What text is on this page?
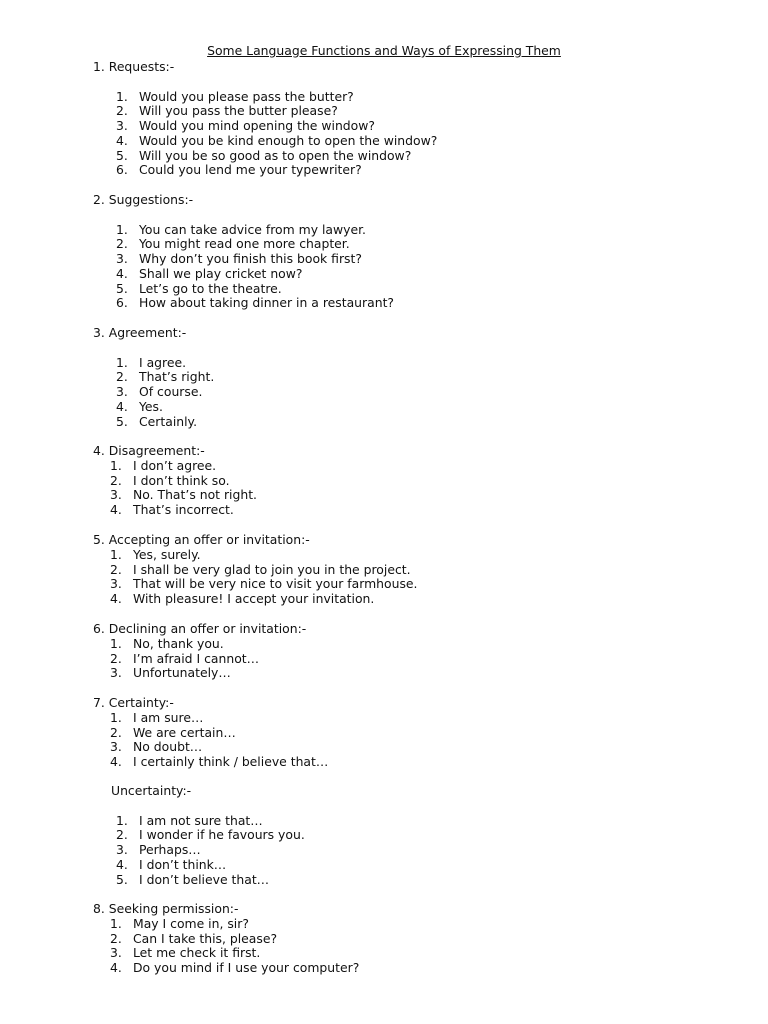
Some Language Functions and Ways of Expressing Them
1. Requests:-
1. Would you please pass the butter?
2. Will you pass the butter please?
3. Would you mind opening the window?
4. Would you be kind enough to open the window?
5. Will you be so good as to open the window?
6. Could you lend me your typewriter?
2. Suggestions:-
1. You can take advice from my lawyer.
2. You might read one more chapter.
3. Why don’t you finish this book first?
4. Shall we play cricket now?
5. Let’s go to the theatre.
6. How about taking dinner in a restaurant?
3. Agreement:-
1. I agree.
2. That’s right.
3. Of course.
4. Yes.
5. Certainly.
4. Disagreement:-
1. I don’t agree.
2. I don’t think so.
3. No. That’s not right.
4. That’s incorrect.
5. Accepting an offer or invitation:-
1. Yes, surely.
2. I shall be very glad to join you in the project.
3. That will be very nice to visit your farmhouse.
4. With pleasure! I accept your invitation.
6. Declining an offer or invitation:-
1. No, thank you.
2. I’m afraid I cannot…
3. Unfortunately…
7. Certainty:-
1. I am sure…
2. We are certain…
3. No doubt…
4. I certainly think / believe that…
Uncertainty:-
1. I am not sure that…
2. I wonder if he favours you.
3. Perhaps…
4. I don’t think…
5. I don’t believe that…
8. Seeking permission:-
1. May I come in, sir?
2. Can I take this, please?
3. Let me check it first.
4. Do you mind if I use your computer?
